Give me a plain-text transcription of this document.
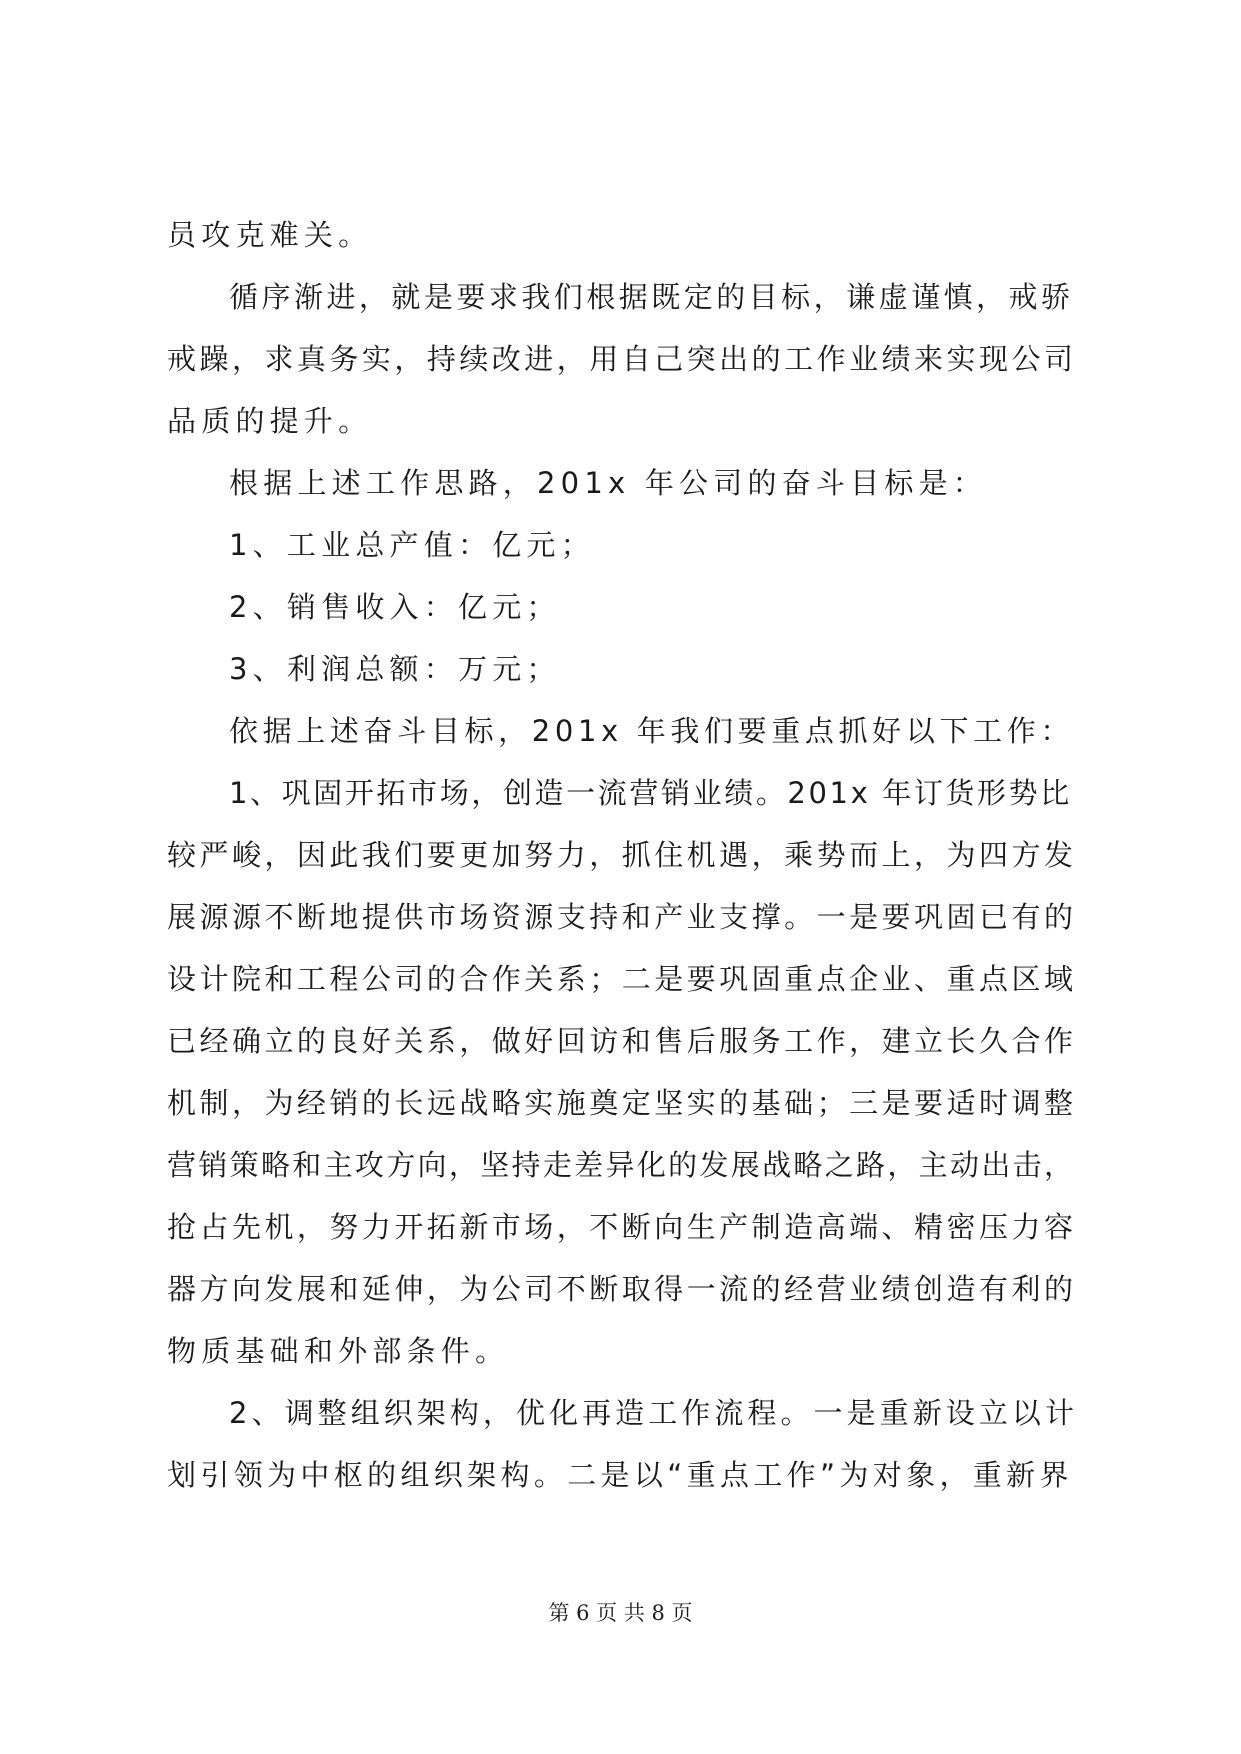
员攻克难关。
循序渐进，就是要求我们根据既定的目标，谦虚谨慎，戒骄
戒躁，求真务实，持续改进，用自己突出的工作业绩来实现公司
品质的提升。
根据上述工作思路，201x 年公司的奋斗目标是：
1、工业总产值：亿元；
2、销售收入：亿元；
3、利润总额：万元；
依据上述奋斗目标，201x 年我们要重点抓好以下工作：
1、巩固开拓市场，创造一流营销业绩。201x 年订货形势比
较严峻，因此我们要更加努力，抓住机遇，乘势而上，为四方发
展源源不断地提供市场资源支持和产业支撑。一是要巩固已有的
设计院和工程公司的合作关系；二是要巩固重点企业、重点区域
已经确立的良好关系，做好回访和售后服务工作，建立长久合作
机制，为经销的长远战略实施奠定坚实的基础；三是要适时调整
营销策略和主攻方向，坚持走差异化的发展战略之路，主动出击，
抢占先机，努力开拓新市场，不断向生产制造高端、精密压力容
器方向发展和延伸，为公司不断取得一流的经营业绩创造有利的
物质基础和外部条件。
2、调整组织架构，优化再造工作流程。一是重新设立以计
划引领为中枢的组织架构。二是以“重点工作”为对象，重新界
第 6 页 共 8 页
